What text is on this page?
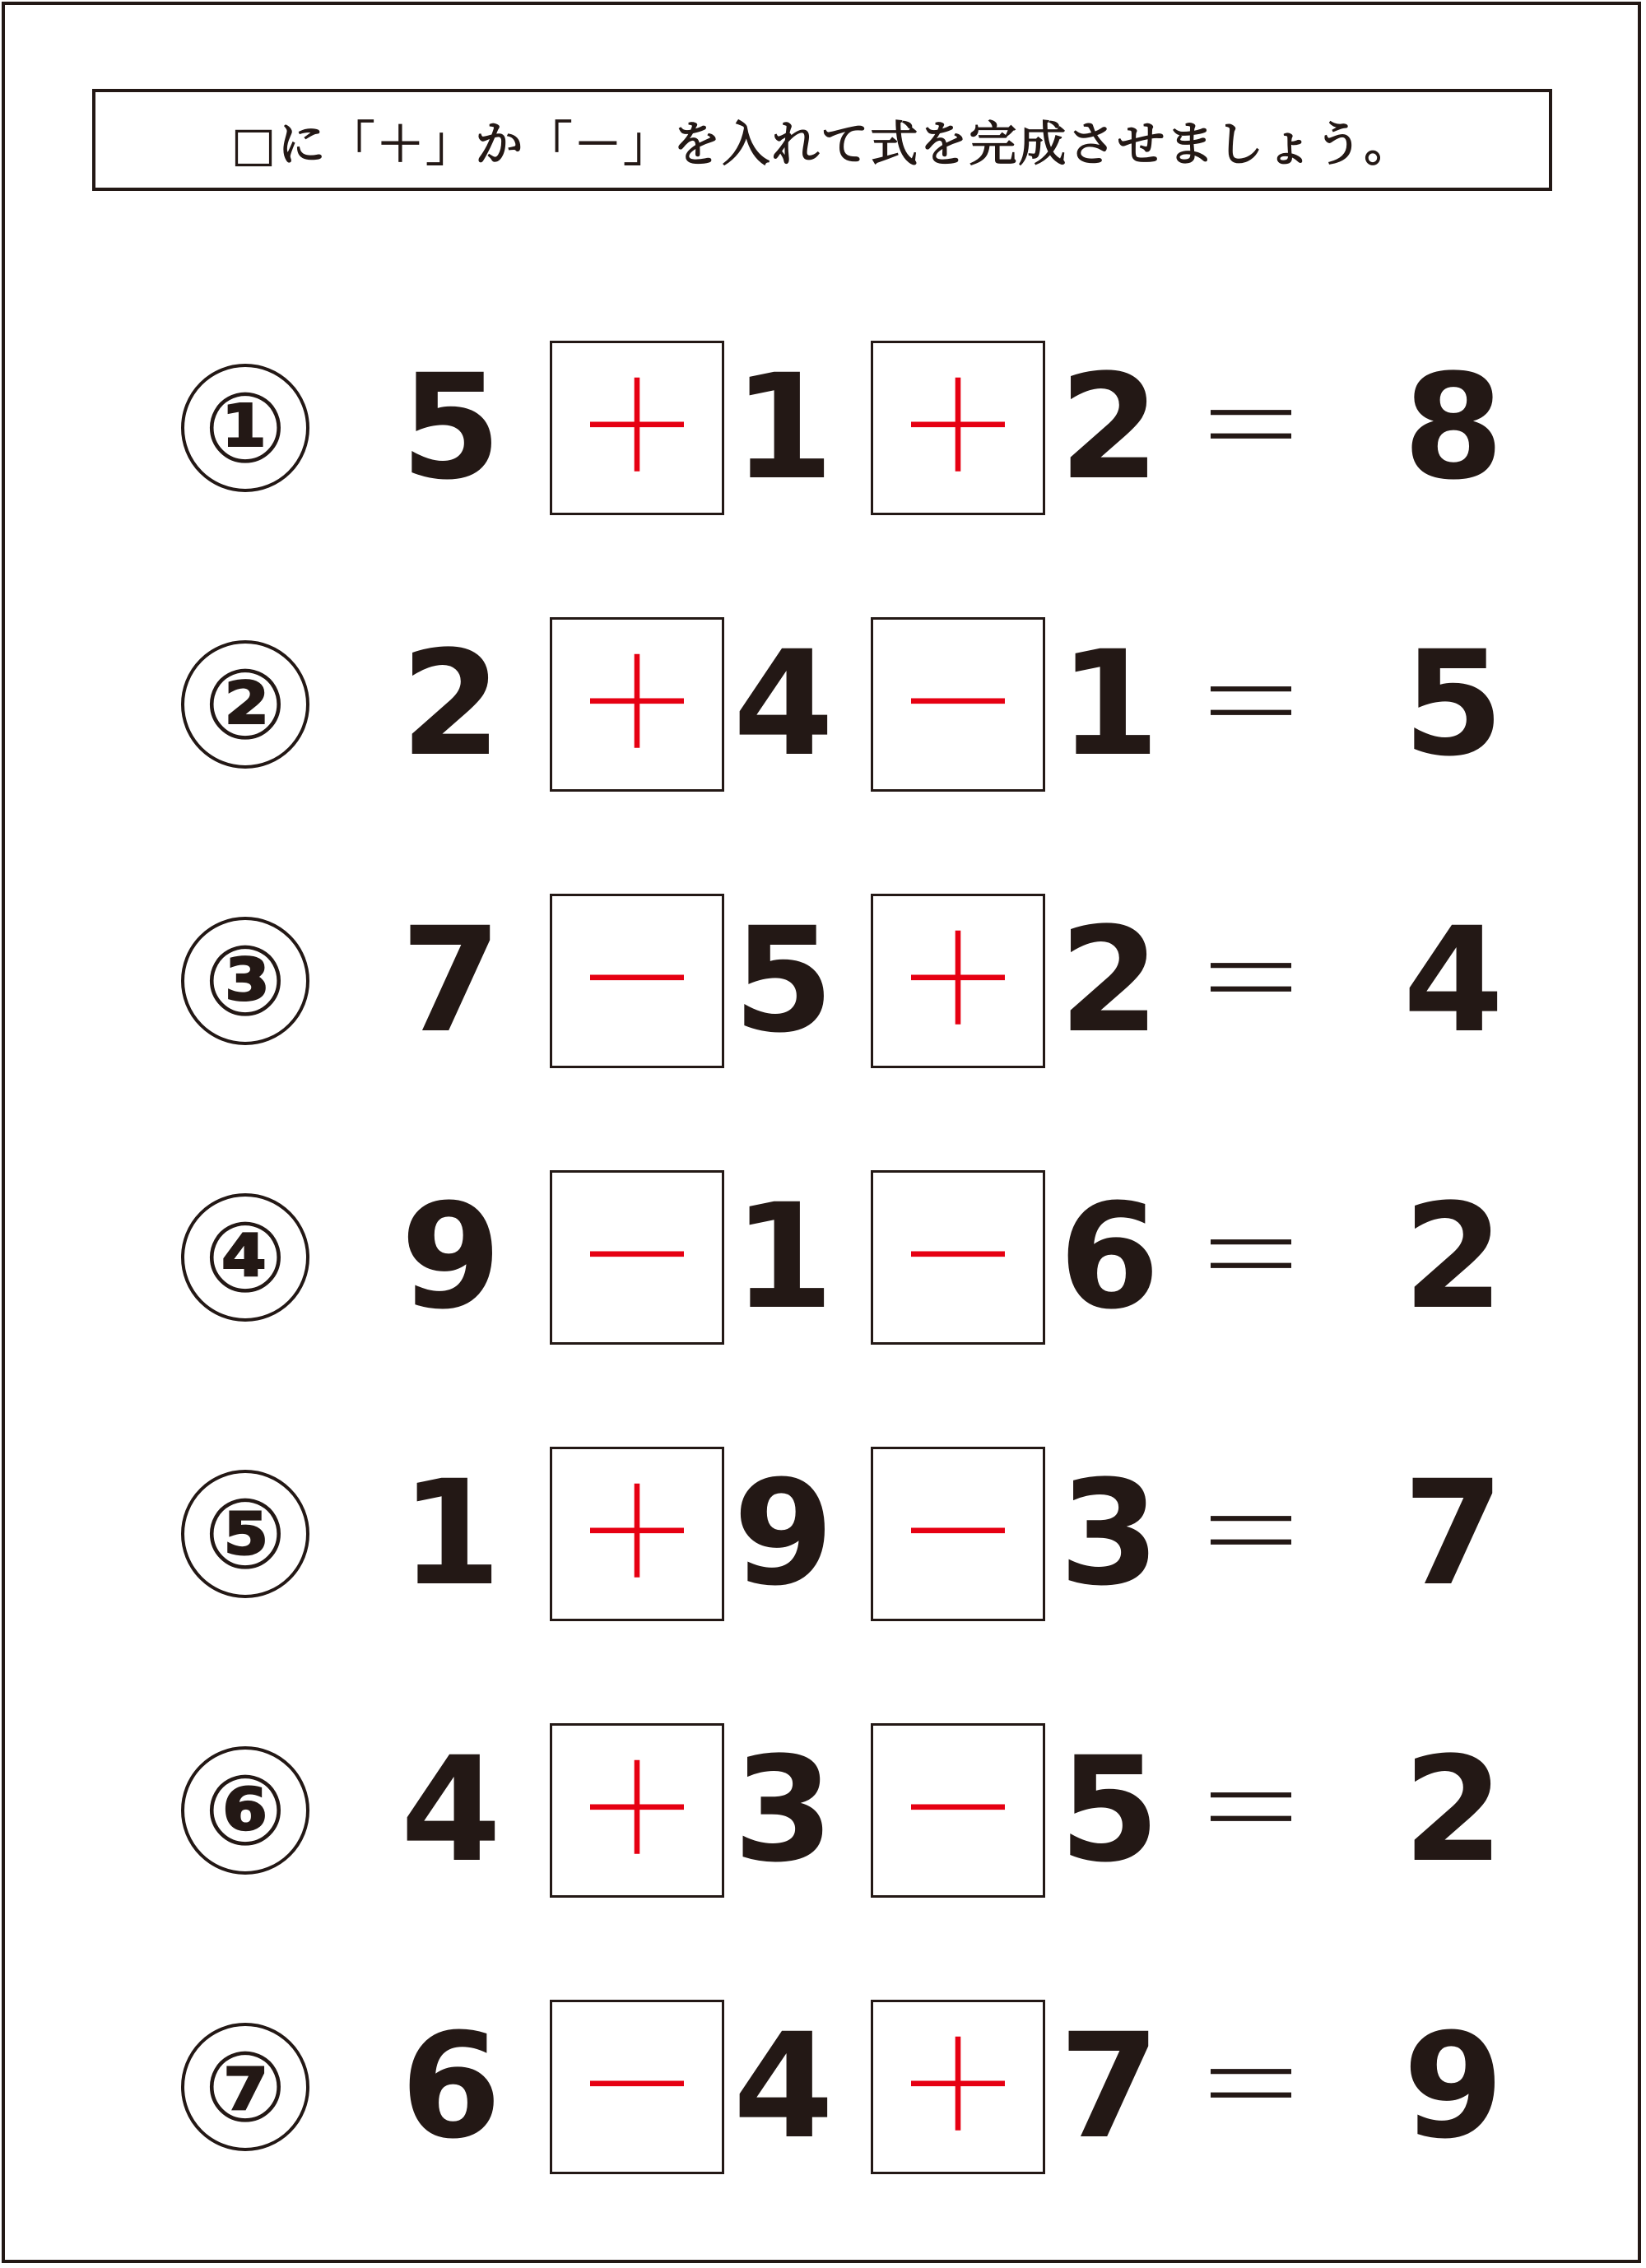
□に「＋」か「－」を入れて式を完成させましょう。
① 5 ＋ 1 ＋ 2 ＝ 8
② 2 ＋ 4 － 1 ＝ 5
③ 7 － 5 ＋ 2 ＝ 4
④ 9 － 1 － 6 ＝ 2
⑤ 1 ＋ 9 － 3 ＝ 7
⑥ 4 ＋ 3 － 5 ＝ 2
⑦ 6 － 4 ＋ 7 ＝ 9
